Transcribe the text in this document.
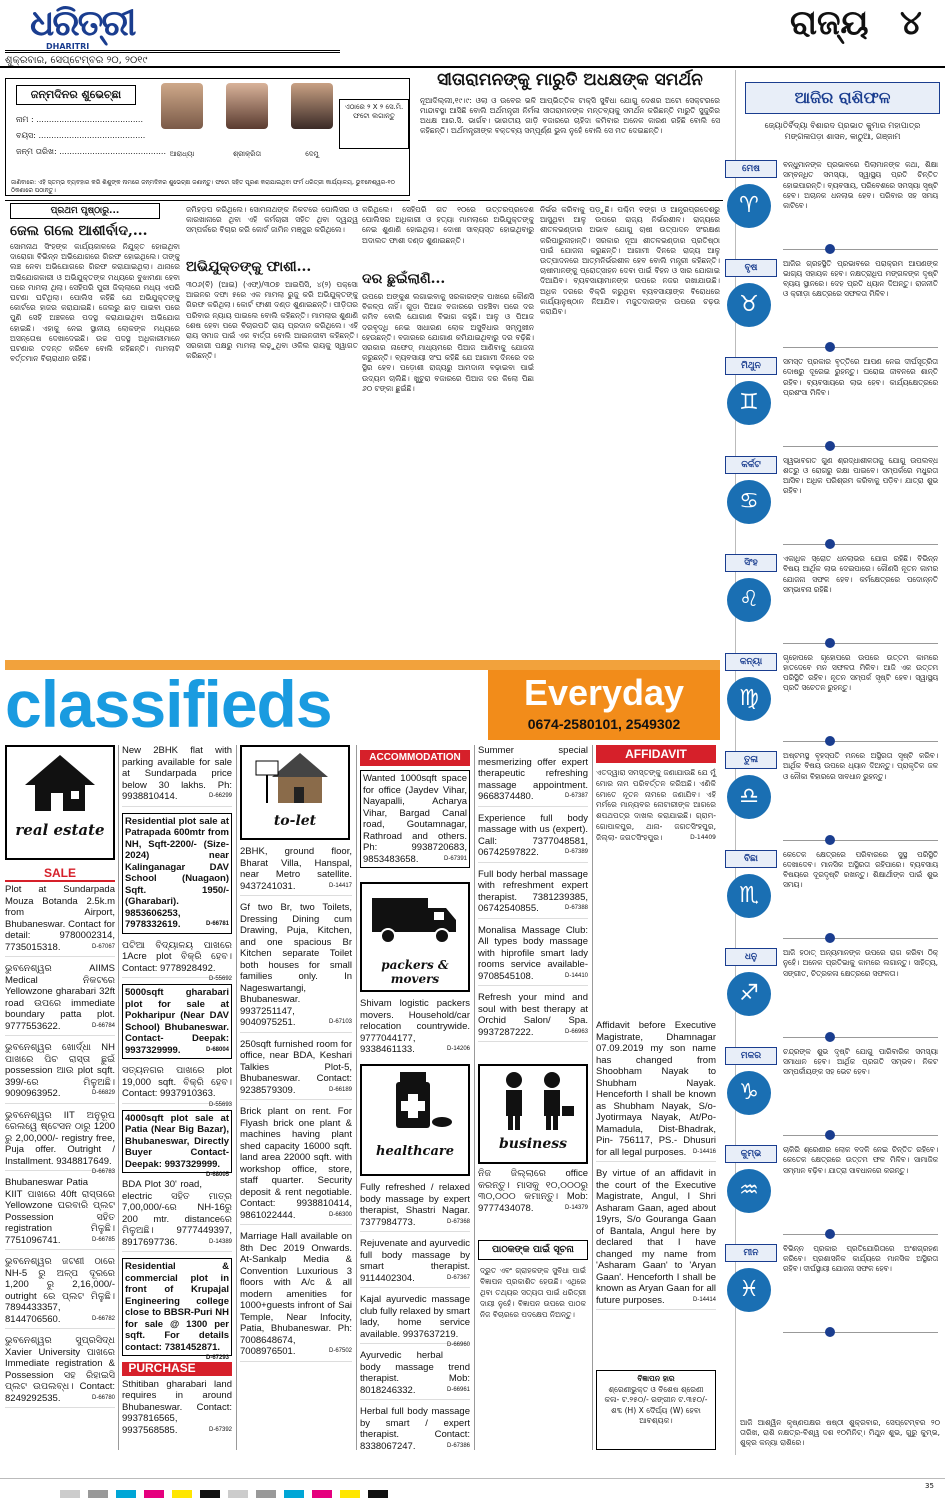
ଧରିତ୍ରୀ
DHARITRI
ଶୁକ୍ରବାର, ସେପ୍ଟେମ୍ବର ୨୦, ୨୦୧୯
ରାଜ୍ୟ ୪
ଜନ୍ମଦିନର ଶୁଭେଚ୍ଛା
ନାମ : ..........................................
ବୟସ: ..........................................
ଜନ୍ମ ତାରିଖ: .......................................... ଆରାଧ୍ୟା	ଶ୍ରୀକ୍ରିତା	ଦେମୁ
ଏଠାରେ ୨ X ୨ ସେ.ମି. ଫଟୋ ଲଗାନ୍ତୁ
ଜାଣିବାରେ: ଏହି ସ୍ତମ୍ଭ ବ୍ୟବହାର କରି ଶିଶୁଙ୍କ ନାମରେ ଜନ୍ମଦିନର ଶୁଭେଚ୍ଛା ଜଣାନ୍ତୁ। ଫଟୋ ସହିତ ପୂରଣ କରାଯାଇଥିବା ଫର୍ମ ଧରିତ୍ରୀ କାର୍ଯ୍ୟାଳୟ, ଭୁବନେଶ୍ୱର-୧୦ ଠିକଣାରେ ପଠାନ୍ତୁ।
ସୀତାରାମନଙ୍କୁ ମାରୁତି ଅଧକ୍ଷଙ୍କ ସମର୍ଥନ
ନୂଆଦିଲ୍ଲୀ,୧୯।୯: ଓଲା ଓ ଉବେର ଭଳି ଆପ୍‌ଭିତ୍ତିକ ଟାକ୍ସି ସୁବିଧା ଯୋଗୁ ଦେଶର ଅଟୋ ସେକ୍ଟରରେ ମାନ୍ଦାବସ୍ଥା ଆସିଛି ବୋଲି ଅର୍ଥମନ୍ତ୍ରୀ ନିର୍ମଳା ସୀତାରାମନଙ୍କ ମନ୍ତବ୍ୟକୁ ସମର୍ଥନ କରିଛନ୍ତି ମାରୁତି ସୁଜୁକିର ଅଧକ୍ଷ ଆର.ସି. ଭାର୍ଗବ। ଭାରତୀୟ ଗାଡ଼ି ବଜାରରେ ଚାହିଦା କମିବାର ଅନେକ କାରଣ ରହିଛି ବୋଲି ସେ କହିଛନ୍ତି। ଅର୍ଥମନ୍ତ୍ରୀଙ୍କ ବକ୍ତବ୍ୟ ସମ୍ପୂର୍ଣ୍ଣ ଭୁଲ ନୁହେଁ ବୋଲି ସେ ମତ ଦେଇଛନ୍ତି।
ପ୍ରଥମ ପୃଷ୍ଠାରୁ...
ଜେଲ ଗଲେ ଆଶୀର୍ବାଦ,...
ସୋମନାଥ ସିଂହଙ୍କ କାର୍ଯ୍ୟକାଳରେ ନିଯୁକ୍ତ ହୋଇଥିବା ଦାରୋଗା ବିଭିନ୍ନ ଅଭିଯୋଗରେ ଗିରଫ ହୋଇଥିଲେ। ତାଙ୍କୁ ଲଞ୍ଚ ନେବା ଅଭିଯୋଗରେ ଗିରଫ କରାଯାଇଥିଲା। ଥାନାରେ ଅଭିଯୋଗକାରୀ ଓ ଅଭିଯୁକ୍ତଙ୍କ ମଧ୍ୟରେ ବୁଝାମଣା ହେବା ପରେ ମାମଲା ଥିଲା। ସେହିପରି ପୁରୀ ଜିଲ୍ଲାରେ ମଧ୍ୟ ଏପରି ଘଟଣା ଘଟିଥିଲା। ପୋଲିସ କହିଛି ଯେ ଅଭିଯୁକ୍ତଙ୍କୁ କୋର୍ଟରେ ହାଜର କରାଯାଇଛି। ଜେଲରୁ ଛାଡ଼ ପାଇବା ପରେ ପୁଣି ସେହି ଅଞ୍ଚଳରେ ପଦସ୍ଥ କରାଯାଇଥିବା ଅଭିଯୋଗ ହୋଇଛି। ଏହାକୁ ନେଇ ସ୍ଥାନୀୟ ଲୋକଙ୍କ ମଧ୍ୟରେ ଅସନ୍ତୋଷ ଦେଖାଦେଇଛି। ଉଚ୍ଚ ପଦସ୍ଥ ଅଧିକାରୀମାନେ ଘଟଣାର ତଦନ୍ତ କରିବେ ବୋଲି କହିଛନ୍ତି। ମାମଲାଟି ବର୍ତ୍ତମାନ ବିଚାରାଧୀନ ରହିଛି।
ଜମିହଡ଼ପ କରିଥିଲେ। ସୋମନାଥଙ୍କ ନିକଟରେ ପୋଲିସର ଓ କାରଖାନାରେ ଥିବା ଏହି କର୍ମଚାରୀ ସହିତ ଥିବା ଦ୍ୱନ୍ଦ୍ୱ ସମ୍ପର୍କରେ ବିଚାର କରି କୋର୍ଟ ଜାମିନ ମଞ୍ଜୁର କରିଥିଲେ।
ଅଭିଯୁକ୍ତଙ୍କୁ ଫାଶୀ...
୩୦୬(ବି) (ଆଇ) (ଏଫ୍)/୩୦୭ ଆଇପିସି, ୪(୨) ପକ୍ସୋ ଆଇନର ଦଫା ୫ରେ ଏକ ମାମଲା ରୁଜୁ କରି ଅଭିଯୁକ୍ତଙ୍କୁ ଗିରଫ କରିଥିଲା। କୋର୍ଟ ଫାଶୀ ଦଣ୍ଡ ଶୁଣାଇଛନ୍ତି। ପୀଡ଼ିତାର ପରିବାର ନ୍ୟାୟ ପାଇଲେ ବୋଲି କହିଛନ୍ତି। ମାମଲାର ଶୁଣାଣି ଶେଷ ହେବା ପରେ ବିଚାରପତି ରାୟ ପ୍ରଦାନ କରିଥିଲେ। ଏହି ରାୟ ସମାଜ ପାଇଁ ଏକ ବାର୍ତ୍ତା ବୋଲି ଆଇନଜୀବୀ କହିଛନ୍ତି। ସରକାରୀ ପକ୍ଷରୁ ମାମଲା ଲଢ଼ୁଥିବା ଓକିଲ ରାୟକୁ ସ୍ୱାଗତ କରିଛନ୍ତି।
କରିଥିଲେ। ସେହିପରି ଗତ ୧୦ରେ ଉତ୍ତରପ୍ରଦେଶ ପୋଲିସର ଅଧିକାରୀ ଓ ହତ୍ୟା ମାମଲାରେ ଅଭିଯୁକ୍ତଙ୍କୁ ନେଇ ଶୁଣାଣି ହୋଇଥିଲା। ଦୋଷୀ ସାବ୍ୟସ୍ତ ହୋଇଥିବାରୁ ଅଦାଲତ ଫାଶୀ ଦଣ୍ଡ ଶୁଣାଇଛନ୍ତି।
ଦର ଛୁଇଁଲାଣି...
ଉପରେ ଅଙ୍କୁଶ ଲଗାଇବାକୁ ସରକାରଙ୍କ ପାଖରେ କୌଣସି ବିକଳ୍ପ ନାହିଁ। ଗୁଡ଼ା ପିଆଜ ବଜାରରେ ପହଞ୍ଚିବା ପରେ ଦର କମିବ ବୋଲି ଯୋଗାଣ ବିଭାଗ କହୁଛି। ଆଳୁ ଓ ପିଆଜ ଦରବୃଦ୍ଧି ନେଇ ସାଧାରଣ ଲୋକ ଅସୁବିଧାର ସମ୍ମୁଖୀନ ହେଉଛନ୍ତି। ବଜାରରେ ଯୋଗାଣ କମିଯାଇଥିବାରୁ ଦର ବଢ଼ିଛି। ସରକାର ନାଫେଡ୍ ମାଧ୍ୟମରେ ପିଆଜ ଆଣିବାକୁ ଯୋଜନା କରୁଛନ୍ତି। ବ୍ୟବସାୟୀ ସଂଘ କହିଛି ଯେ ଆଗାମୀ ଦିନରେ ଦର ସ୍ଥିର ହେବ। ପଡ଼ୋଶୀ ରାଜ୍ୟରୁ ଆମଦାନୀ ବଢ଼ାଇବା ପାଇଁ ଉଦ୍ୟମ ଚାଲିଛି। ଖୁଚୁରା ବଜାରରେ ପିଆଜ ଦର କିଲୋ ପିଛା ୬୦ ଟଙ୍କା ଛୁଇଁଛି।
ନିର୍ଭର କରିବାକୁ ପଡ଼ୁଛି। ପଶ୍ଚିମ ବଙ୍ଗ ଓ ଆନ୍ଧ୍ରପ୍ରଦେଶରୁ ଆସୁଥିବା ଆଳୁ ଉପରେ ରାଜ୍ୟ ନିର୍ଭରଶୀଳ। ରାଜ୍ୟରେ ଶୀତଳଭଣ୍ଡାର ଅଭାବ ଯୋଗୁ ଚାଷୀ ଉତ୍ପାଦନ ସଂରକ୍ଷଣ କରିପାରୁନାହାନ୍ତି। ସରକାର ନୂଆ ଶୀତଳଭଣ୍ଡାର ପ୍ରତିଷ୍ଠା ପାଇଁ ଯୋଜନା କରୁଛନ୍ତି। ଆଗାମୀ ଦିନରେ ରାଜ୍ୟ ଆଳୁ ଉତ୍ପାଦନରେ ଆତ୍ମନିର୍ଭରଶୀଳ ହେବ ବୋଲି ମନ୍ତ୍ରୀ କହିଛନ୍ତି। ଚାଷୀମାନଙ୍କୁ ପ୍ରୋତ୍ସାହନ ଦେବା ପାଇଁ ବିହନ ଓ ସାର ଯୋଗାଇ ଦିଆଯିବ। ବ୍ୟବସାୟୀମାନଙ୍କ ଉପରେ ନଜର ରଖାଯାଉଛି। ଅଧିକ ଦରରେ ବିକ୍ରି କରୁଥିବା ବ୍ୟବସାୟୀଙ୍କ ବିରୋଧରେ କାର୍ଯ୍ୟାନୁଷ୍ଠାନ ନିଆଯିବ। ମଜୁତଦାରଙ୍କ ଉପରେ ଚଢ଼ଉ କରାଯିବ।
ଆଜିର ରାଶିଫଳ
ଜ୍ୟୋତିର୍ବିଦ୍ୟା ବିଶାରଦ ପ୍ରଭାତ କୁମାର ମହାପାତ୍ର ମଙ୍ଗଳାପଡ଼ା ଶାସନ, କାଠୁଆ, ଗଞ୍ଜାମ
ମେଷ
♈
ବନ୍ଧୁମାନଙ୍କ ପ୍ରଭାବରେ ପିଲାମାନଙ୍କ କଥା, ଶିକ୍ଷା ସମ୍ବନ୍ଧିତ ସମସ୍ୟା, ସ୍ୱାସ୍ଥ୍ୟ ପ୍ରତି ଚିନ୍ତିତ ହୋଇପାରନ୍ତି। ବ୍ୟବସାୟ, ପରିବେଶରେ ସମସ୍ୟା ସୃଷ୍ଟି ହେବ। ଅଚାନକ ଧନଲାଭ ହେବ। ପରିବାର ସହ ସମୟ କାଟିବେ।
ବୃଷ
♉
ଆଜିର ଗ୍ରହସ୍ଥିତି ପ୍ରଭାବରେ ପରାକ୍ରମ ଆପଣଙ୍କ ଭାଗ୍ୟ ସହାୟକ ହେବ। ନକ୍ଷତ୍ରାଧିପ ମଙ୍ଗଳଙ୍କ ଦୃଷ୍ଟି ବ୍ୟୟ ସ୍ଥାନରେ। ଦେହ ପ୍ରତି ଧ୍ୟାନ ଦିଅନ୍ତୁ। ରାଜନୀତି ଓ କ୍ରୀଡ଼ା କ୍ଷେତ୍ରରେ ସଫଳତା ମିଳିବ।
ମିଥୁନ
♊
ସମସ୍ତ ପ୍ରକାର ବୃତ୍ତିରେ ଆପଣ ନେଇ ଦୀର୍ଘସୂତ୍ରିତା ଦୋଷରୁ ଦୂରେଇ ରୁହନ୍ତୁ। ଘରୋଇ ଜୀବନରେ ଶାନ୍ତି ରହିବ। ବ୍ୟବସାୟରେ ଲାଭ ହେବ। କାର୍ଯ୍ୟକ୍ଷେତ୍ରରେ ପ୍ରଶଂସା ମିଳିବ।
କର୍କଟ
♋
ସ୍ୱଭାବଗତ ଗୁଣ ଶ୍ରଦ୍ଧାଶୀଳତାକୁ ଯୋଗୁ ଉପଲବ୍ଧ ଶତ୍ରୁ ଓ ରୋଗରୁ ରକ୍ଷା ପାଇବେ। ସମ୍ପର୍କରେ ମଧୁରତା ଆସିବ। ଅଧିକ ପରିଶ୍ରମ କରିବାକୁ ପଡ଼ିବ। ଯାତ୍ରା ଶୁଭ ରହିବ।
ସିଂହ
♌
ଏକାଧିକ ସ୍ରୋତ ଧନଲାଭର ଯୋଗ ରହିଛି। ବିଭିନ୍ନ ବିଷୟ ଆର୍ଥିକ ଲାଭ ଦେଇପାରେ। କୌଣସି ନୂତନ କାମର ଯୋଜନା ସଫଳ ହେବ। କର୍ମକ୍ଷେତ୍ରରେ ପଦୋନ୍ନତି ସମ୍ଭାବନା ରହିଛି।
କନ୍ୟା
♍
ଗୃହୋପରେ ଗୃହୋପରେ ଉପରେ ଉତ୍ତମ କାମରେ ହାତଦେବେ ମନ ସଫଳତା ମିଳିବ। ଆଜି ଏକ ଉତ୍ତମ ପରିସ୍ଥିତି ରହିବ। ନୂତନ ସମ୍ପର୍କ ସୃଷ୍ଟି ହେବ। ସ୍ୱାସ୍ଥ୍ୟ ପ୍ରତି ସଚେତନ ରୁହନ୍ତୁ।
ତୁଳା
♎
ଅଷ୍ଟମସ୍ଥ ବୃହସ୍ପତି ମନରେ ଅସ୍ଥିରତା ସୃଷ୍ଟି କରିବ। ଆର୍ଥିକ ବିଷୟ ଉପରେ ଧ୍ୟାନ ଦିଅନ୍ତୁ। ପ୍ରାକୃତିକ ଜଳ ଓ ନୌକା ବିହାରରେ ସାବଧାନ ରୁହନ୍ତୁ।
ବିଛା
♏
କେତେକ କ୍ଷେତ୍ରରେ ପରିବାରରେ ସୁସ୍ଥ ପରିସ୍ଥିତି ଦେଖାଦେବ। ମାନସିକ ଅସ୍ଥିରତା ରହିପାରେ। ବ୍ୟବସାୟ ବିଷୟରେ ଦୂରଦୃଷ୍ଟି ରଖନ୍ତୁ। ଶିକ୍ଷାର୍ଥୀଙ୍କ ପାଇଁ ଶୁଭ ସମୟ।
ଧନୁ
♐
ଆଜି ହଠାତ୍ ଅନ୍ୟମାନଙ୍କ ଉପରେ ରାଗ କରିବା ଠିକ୍ ନୁହେଁ। ଅନେକ ପ୍ରତିଭାକୁ କାମରେ ଲଗାନ୍ତୁ। ସାହିତ୍ୟ, ସଙ୍ଗୀତ, ଚିତ୍ରକଳା କ୍ଷେତ୍ରରେ ସଫଳତା।
ମକର
♑
ଚନ୍ଦ୍ରଙ୍କ ଶୁଭ ଦୃଷ୍ଟି ଯୋଗୁ ପାରିବାରିକ ସମସ୍ୟା ସମାଧାନ ହେବ। ଆର୍ଥିକ ପ୍ରଗତି ସମ୍ଭବ। ନିକଟ ସମ୍ପର୍କୀୟଙ୍କ ସହ ଭେଟ ହେବ।
କୁମ୍ଭ
♒
ଚାକିରି ଶ୍ରେଣୀର ଲୋକ ବଦଳି ନେଇ ଚିନ୍ତିତ ରହିବେ। କେତେକ କ୍ଷେତ୍ରରେ ଉତ୍ତମ ଫଳ ମିଳିବ। ସାମାଜିକ ସମ୍ମାନ ବଢ଼ିବ। ଯାତ୍ରା ସାବଧାନରେ କରନ୍ତୁ।
ମୀନ
♓
ବିଭିନ୍ନ ପ୍ରକାର ପ୍ରତିଯୋଗିତାରେ ଅଂଶଗ୍ରହଣ କରିବେ। ପ୍ରଶାସନିକ କାର୍ଯ୍ୟରେ ମାନସିକ ଅସ୍ଥିରତା ରହିବ। ଦୀର୍ଘସ୍ଥାୟୀ ଯୋଜନା ସଫଳ ହେବ।
ଆଜି ଆଶ୍ୱିନ କୃଷ୍ଣପକ୍ଷର ଷଷ୍ଠୀ ଶୁକ୍ରବାର, ସେପ୍ଟେମ୍ବର ୨୦ ତାରିଖ, ରାଶି ନକ୍ଷତ୍ର-ବିଶ୍ୱ ଦଶ ୧୦ମିନିଟ୍। ମିଥୁନ ଶୁଭ, ଗୁରୁ କୁମ୍ଭ, ଶୁକ୍ର କନ୍ୟା ରାଶିରେ।
classifieds	Everyday
0674-2580101, 2549302
real estate
SALE
Plot at Sundarpada Mouza Botanda 2.5k.m from Airport, Bhubaneswar. Contact for detail: 9780002314, 7735015318.	D-67067
ଭୁବନେଶ୍ୱର AIIMS Medical ନିକଟରେ Yellowzone gharabari 32ft road ଉପରେ immediate boundary patta plot. 9777553622.	D-66784
ଭୁବନେଶ୍ୱର ଖୋର୍ଦ୍ଧା NH ପାଖରେ ପିଚ ରାସ୍ତା ଛୁଇଁ possession ଆଉ plot sqft. 399/-ରେ ମିଳୁଅଛି। 9090963952.	D-66829
ଭୁବନେଶ୍ୱର IIT ଅନୁରୂପ ରେଲୱେ ଷ୍ଟେସନ ଠାରୁ 1200 ରୁ 2,00,000/- registry free, Puja offer. Outright / Installment. 9348817649.
D-66783
Bhubaneswar Patia KIIT ପାଖରେ 40ft ରାସ୍ତାରେ Yellowzone ଘରବାରି ପ୍ଲଟ Possession ସହିତ registration ମିଳୁଛି। 7751096741.	D-66785
ଭୁବନେଶ୍ୱର ଜଟଣୀ ଠାରେ NH-5 ରୁ ଅଳ୍ପ ଦୂରରେ 1,200 ରୁ 2,16,000/- outright ରେ ପ୍ଲଟ ମିଳୁଛି। 7894433357, 8144706560.	D-66782
ଭୁବନେଶ୍ୱର ସୁପ୍ରସିଦ୍ଧ Xavier University ପାଖରେ Immediate registration & Possession ସହ ରିହାଇସି ପ୍ଲଟ ଉପଲବ୍ଧ। Contact: 8249292535.	D-66780
New 2BHK flat with parking available for sale at Sundarpada price below 30 lakhs. Ph: 9938810414.	D-66299
Residential plot sale at Patrapada 600mtr from NH, Sqft-2200/- (Size-2024) near Kalinganagar DAV School (Nuagaon) Sqft. 1950/- (Gharabari). 9853606253, 7978332619.	D-66781
ପଟିଆ ବିଦ୍ୟାଳୟ ପାଖରେ 1Acre plot ବିକ୍ରି ହେବ। Contact: 9778928492.
D-55692
5000sqft gharabari plot for sale at Pokharipur (Near DAV School) Bhubaneswar. Contact- Deepak: 9937329999.	D-68004
ସତ୍ୟନଗର ପାଖରେ plot 19,000 sqft. ବିକ୍ରି ହେବ। Contact: 9937910363.
D-55693
4000sqft plot sale at Patia (Near Big Bazar), Bhubaneswar, Directly Buyer Contact- Deepak: 9937329999.
D-68005
BDA Plot 30' road, electric ସହିତ ମାତ୍ର 7,00,000/-ରେ NH-16ରୁ 200 mtr. distanceରେ ମିଳୁଅଛି। 9777449397, 8917697736.	D-14389
Residential & commercial plot in front of Krupajal Engineering college close to BBSR-Puri NH for sale @ 1300 per sqft. For details contact: 7381452871.
D-67293
PURCHASE
Sthitiban gharabari land requires in around Bhubaneswar. Contact: 9937816565, 9937568585.	D-67392
to-let
2BHK, ground floor, Bharat Villa, Hanspal, near Metro satellite. 9437241031.	D-14417
Gf two Br, two Toilets, Dressing Dining cum Drawing, Puja, Kitchen, and one spacious Br Kitchen separate Toilet both houses for small families only. In Nageswartangi, Bhubaneswar. 9937251147, 9040975251.	D-67103
250sqft furnished room for office, near BDA, Keshari Talkies Plot-5, Bhubaneswar. Contact: 9238579309.	D-66189
Brick plant on rent. For Flyash brick one plant & machines having plant shed capacity 16000 sqft. land area 22000 sqft. with workshop office, store, staff quarter. Security deposit & rent negotiable. Contact: 9938810414, 9861022444.	D-66300
Marriage Hall available on 8th Dec 2019 Onwards. At-Sankalp Media & Convention Luxurious 3 floors with A/c & all modern amenities for 1000+guests infront of Sai Temple, Near Infocity, Patia, Bhubaneswar. Ph: 7008648674, 7008976501.	D-67502
ACCOMMODATION
Wanted 1000sqft space for office (Jaydev Vihar, Nayapalli, Acharya Vihar, Bargad Canal road, Goutamnagar, Rathroad and others. Ph: 9938720683, 9853483658.	D-67391
packers & movers
Shivam logistic packers movers. Household/car relocation countrywide. 9777044177, 9338461133.	D-14206
healthcare
Fully refreshed / relaxed body massage by expert therapist, Shastri Nagar. 7377984773.	D-67368
Rejuvenate and ayurvedic full body massage by smart therapist. 9114402304.	D-67367
Kajal ayurvedic massage club fully relaxed by smart lady, home service available. 9937637219.
D-66960
Ayurvedic herbal body massage trend therapist. Mob: 8018246332.	D-66961
Herbal full body massage by smart / expert therapist. Contact: 8338067247.	D-67386
Summer special mesmerizing offer expert therapeutic refreshing massage appointment. 9668374480.	D-67387
Experience full body massage with us (expert). Call: 7377048581, 06742597822.	D-67389
Full body herbal massage with refreshment expert therapist. 7381239385, 06742540855.	D-67388
Monalisa Massage Club: All types body massage with hiprofile smart lady rooms service available- 9708545108.	D-14410
Refresh your mind and soul with best therapy at Orchid Salon/ Spa. 9937287222.	D-66963
business
ନିଜ ଜିଲ୍ଲାରେ office କରନ୍ତୁ। ମାସକୁ ୧୦,୦୦୦ରୁ ୩୦,୦୦୦ କମାନ୍ତୁ। Mob: 9777434078.	D-14379
ପାଠକଙ୍କ ପାଇଁ ସୂଚନା
ଦ୍ରୁତ ଏବଂ ଗ୍ରାହକଙ୍କ ସୁବିଧା ପାଇଁ ବିଜ୍ଞାପନ ପ୍ରକାଶିତ ହେଉଛି। ଏଥିରେ ଥିବା ତଥ୍ୟର ସତ୍ୟତା ପାଇଁ ଧରିତ୍ରୀ ଦାୟୀ ନୁହେଁ। ବିଜ୍ଞାପନ ଉପରେ ପାଠକ ନିଜ ବିଚାରରେ ପଦକ୍ଷେପ ନିଅନ୍ତୁ।
AFFIDAVIT
ଏତଦ୍ୱାରା ସମସ୍ତଙ୍କୁ ଜଣାଯାଉଛି ଯେ ମୁଁ ମୋର ନାମ ପରିବର୍ତ୍ତନ କରିଅଛି। ଏଣିକି ମୋତେ ନୂତନ ନାମରେ ଜଣାଯିବ। ଏହି ମର୍ମରେ ମାନ୍ୟବର ନୋଟାରୀଙ୍କ ଆଗରେ ଶପଥପତ୍ର ଦାଖଲ କରାଯାଇଛି। ଗ୍ରାମ- ଗୋପାଳପୁର, ଥାନା- ଜଗତସିଂହପୁର, ଜିଲ୍ଲା- ଜଗତସିଂହପୁର।	D-14409
Affidavit before Executive Magistrate, Dhamnagar 07.09.2019 my son name has changed from Shoobham Nayak to Shubham Nayak. Henceforth I shall be known as Shubham Nayak, S/o-Jyotirmaya Nayak, At/Po- Mamadula, Dist-Bhadrak, Pin- 756117, PS.- Dhusuri for all legal purposes. D-14416
By virtue of an affidavit in the court of the Executive Magistrate, Angul, I Shri Asharam Gaan, aged about 19yrs, S/o Gouranga Gaan of Bantala, Angul here by declared that I have changed my name from 'Asharam Gaan' to 'Aryan Gaan'. Henceforth I shall be known as Aryan Gaan for all future purposes.	D-14414
ବିଜ୍ଞାପନ ହାର
ଶ୍ରେଣୀଭୁକ୍ତ ଓ ବିଶେଷ ଶ୍ରେଣୀ କଳା- ଟ.୨୫୦/- ରଙ୍ଗୀନ ଟ.୩୫୦/- ଶବ୍ଦ (H) X ଦୈର୍ଘ୍ୟ (W) ହେବା ଆବଶ୍ୟକ।
35
